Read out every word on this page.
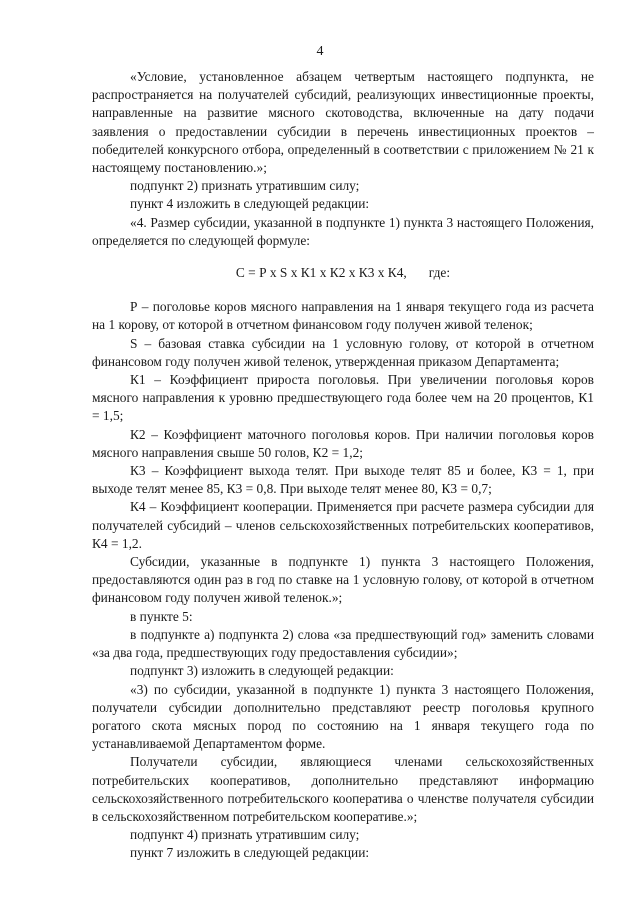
4

«Условие, установленное абзацем четвертым настоящего подпункта, не распространяется на получателей субсидий, реализующих инвестиционные проекты, направленные на развитие мясного скотоводства, включенные на дату подачи заявления о предоставлении субсидии в перечень инвестиционных проектов – победителей конкурсного отбора, определенный в соответствии с приложением № 21 к настоящему постановлению.»;

подпункт 2) признать утратившим силу;

пункт 4 изложить в следующей редакции:

«4. Размер субсидии, указанной в подпункте 1) пункта 3 настоящего Положения, определяется по следующей формуле:

С = Р х S х К1 х К2 х К3 х К4, где:

Р – поголовье коров мясного направления на 1 января текущего года из расчета на 1 корову, от которой в отчетном финансовом году получен живой теленок;

S – базовая ставка субсидии на 1 условную голову, от которой в отчетном финансовом году получен живой теленок, утвержденная приказом Департамента;

К1 – Коэффициент прироста поголовья. При увеличении поголовья коров мясного направления к уровню предшествующего года более чем на 20 процентов, К1 = 1,5;

К2 – Коэффициент маточного поголовья коров. При наличии поголовья коров мясного направления свыше 50 голов, К2 = 1,2;

К3 – Коэффициент выхода телят. При выходе телят 85 и более, К3 = 1, при выходе телят менее 85, К3 = 0,8. При выходе телят менее 80, К3 = 0,7;

К4 – Коэффициент кооперации. Применяется при расчете размера субсидии для получателей субсидий – членов сельскохозяйственных потребительских кооперативов, К4 = 1,2.

Субсидии, указанные в подпункте 1) пункта 3 настоящего Положения, предоставляются один раз в год по ставке на 1 условную голову, от которой в отчетном финансовом году получен живой теленок.»;

в пункте 5:

в подпункте а) подпункта 2) слова «за предшествующий год» заменить словами «за два года, предшествующих году предоставления субсидии»;

подпункт 3) изложить в следующей редакции:

«3) по субсидии, указанной в подпункте 1) пункта 3 настоящего Положения, получатели субсидии дополнительно представляют реестр поголовья крупного рогатого скота мясных пород по состоянию на 1 января текущего года по устанавливаемой Департаментом форме.

Получатели субсидии, являющиеся членами сельскохозяйственных потребительских кооперативов, дополнительно представляют информацию сельскохозяйственного потребительского кооператива о членстве получателя субсидии в сельскохозяйственном потребительском кооперативе.»;

подпункт 4) признать утратившим силу;

пункт 7 изложить в следующей редакции:
